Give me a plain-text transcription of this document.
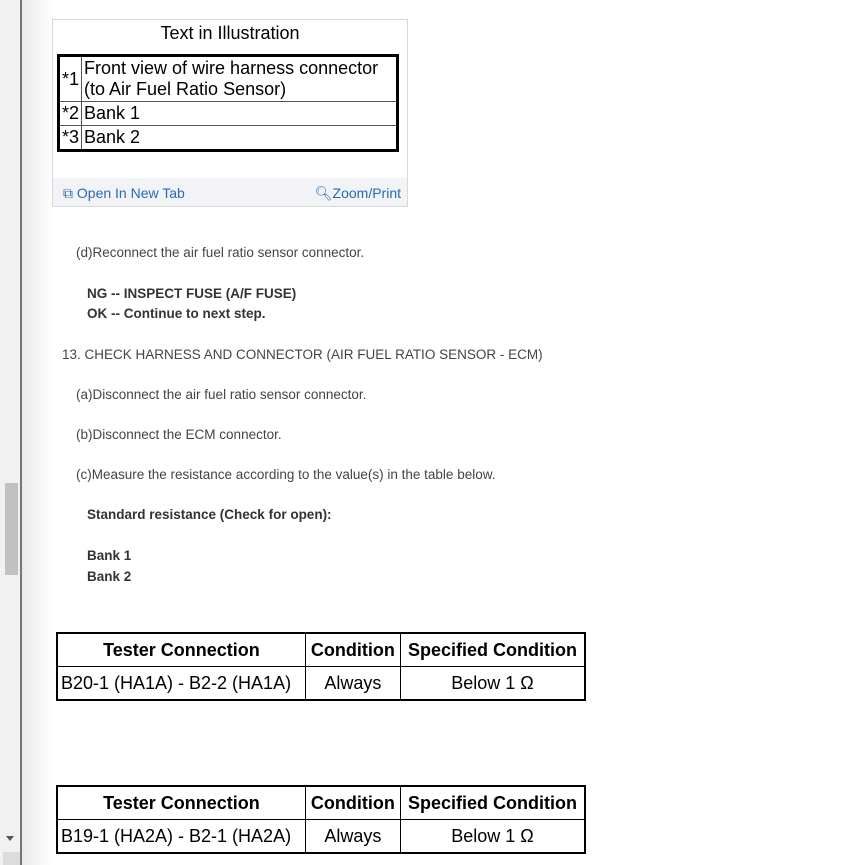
Text in Illustration
*1	Front view of wire harness connector (to Air Fuel Ratio Sensor)
*2	Bank 1
*3	Bank 2
⧉ Open In New Tab	🔍︎Zoom/Print
(d)Reconnect the air fuel ratio sensor connector.
NG -- INSPECT FUSE (A/F FUSE)
OK -- Continue to next step.
13. CHECK HARNESS AND CONNECTOR (AIR FUEL RATIO SENSOR - ECM)
(a)Disconnect the air fuel ratio sensor connector.
(b)Disconnect the ECM connector.
(c)Measure the resistance according to the value(s) in the table below.
Standard resistance (Check for open):
Bank 1
Bank 2
Tester Connection	Condition	Specified Condition
B20-1 (HA1A) - B2-2 (HA1A)	Always	Below 1 Ω
Tester Connection	Condition	Specified Condition
B19-1 (HA2A) - B2-1 (HA2A)	Always	Below 1 Ω
